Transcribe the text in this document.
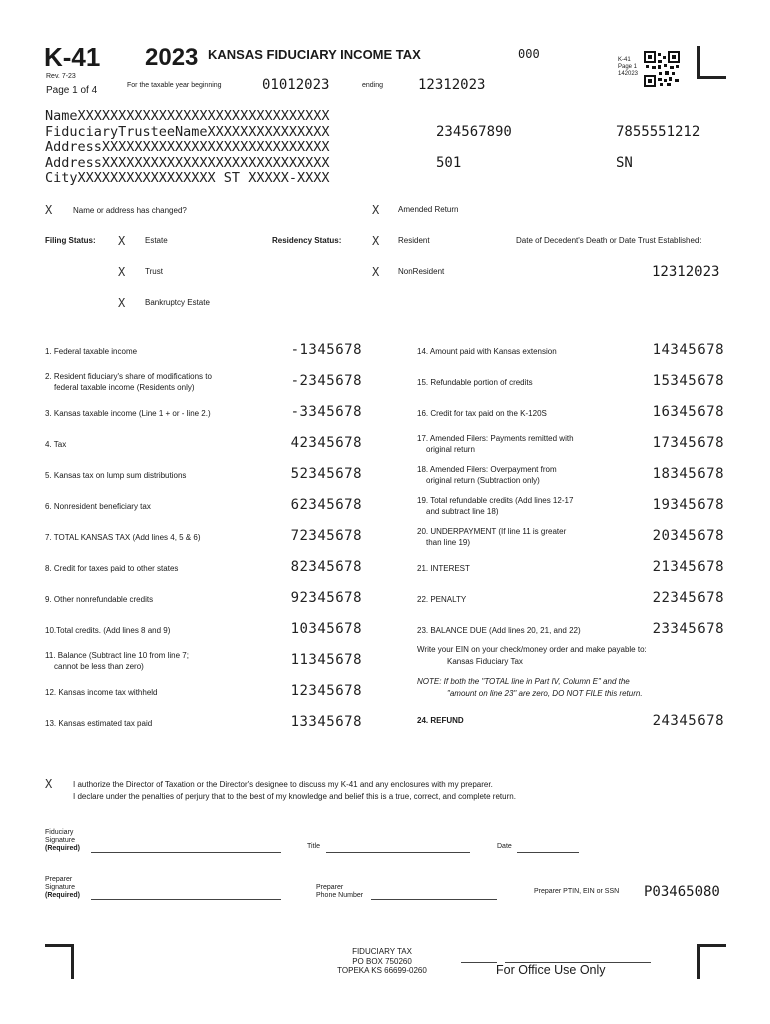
K-41 2023 KANSAS FIDUCIARY INCOME TAX	000
Rev. 7-23
Page 1 of 4	For the taxable year beginning	01012023	ending 12312023
K-41
Page 1
142023
NameXXXXXXXXXXXXXXXXXXXXXXXXXXXXXXX
FiduciaryTrusteeNameXXXXXXXXXXXXXXX
AddressXXXXXXXXXXXXXXXXXXXXXXXXXXXX
AddressXXXXXXXXXXXXXXXXXXXXXXXXXXXX
CityXXXXXXXXXXXXXXXXX ST XXXXX-XXXX
234567890	7855551212
501	SN
X	Name or address has changed?	X Amended Return
Filing Status: X Estate	Residency Status:	X Resident	Date of Decedent's Death or Date Trust Established:
X Trust	X NonResident	12312023
X Bankruptcy Estate
1. Federal taxable income	-1345678
2. Resident fiduciary's share of modifications to
federal taxable income (Residents only)	-2345678
3. Kansas taxable income (Line 1 + or - line 2.)	-3345678
4. Tax	42345678
5. Kansas tax on lump sum distributions	52345678
6. Nonresident beneficiary tax	62345678
7. TOTAL KANSAS TAX (Add lines 4, 5 & 6)	72345678
8. Credit for taxes paid to other states	82345678
9. Other nonrefundable credits	92345678
10.Total credits. (Add lines 8 and 9)	10345678
11. Balance (Subtract line 10 from line 7;
cannot be less than zero)	11345678
12. Kansas income tax withheld	12345678
13. Kansas estimated tax paid	13345678
14. Amount paid with Kansas extension	14345678
15. Refundable portion of credits	15345678
16. Credit for tax paid on the K-120S	16345678
17. Amended Filers: Payments remitted with
original return	17345678
18. Amended Filers: Overpayment from
original return (Subtraction only)	18345678
19. Total refundable credits (Add lines 12-17
and subtract line 18)	19345678
20. UNDERPAYMENT (If line 11 is greater
than line 19)	20345678
21. INTEREST	21345678
22. PENALTY	22345678
23. BALANCE DUE (Add lines 20, 21, and 22)	23345678
Write your EIN on your check/money order and make payable to:
Kansas Fiduciary Tax
NOTE: If both the "TOTAL line in Part IV, Column E" and the
"amount on line 23" are zero, DO NOT FILE this return.
24. REFUND	24345678
X	I authorize the Director of Taxation or the Director's designee to discuss my K-41 and any enclosures with my preparer.
I declare under the penalties of perjury that to the best of my knowledge and belief this is a true, correct, and complete return.
Fiduciary
Signature
(Required)	Title	Date
Preparer
Signature
(Required)
Preparer
Phone Number
Preparer PTIN, EIN or SSN P03465080
FIDUCIARY TAX
PO BOX 750260
TOPEKA KS 66699-0260	For Office Use Only
